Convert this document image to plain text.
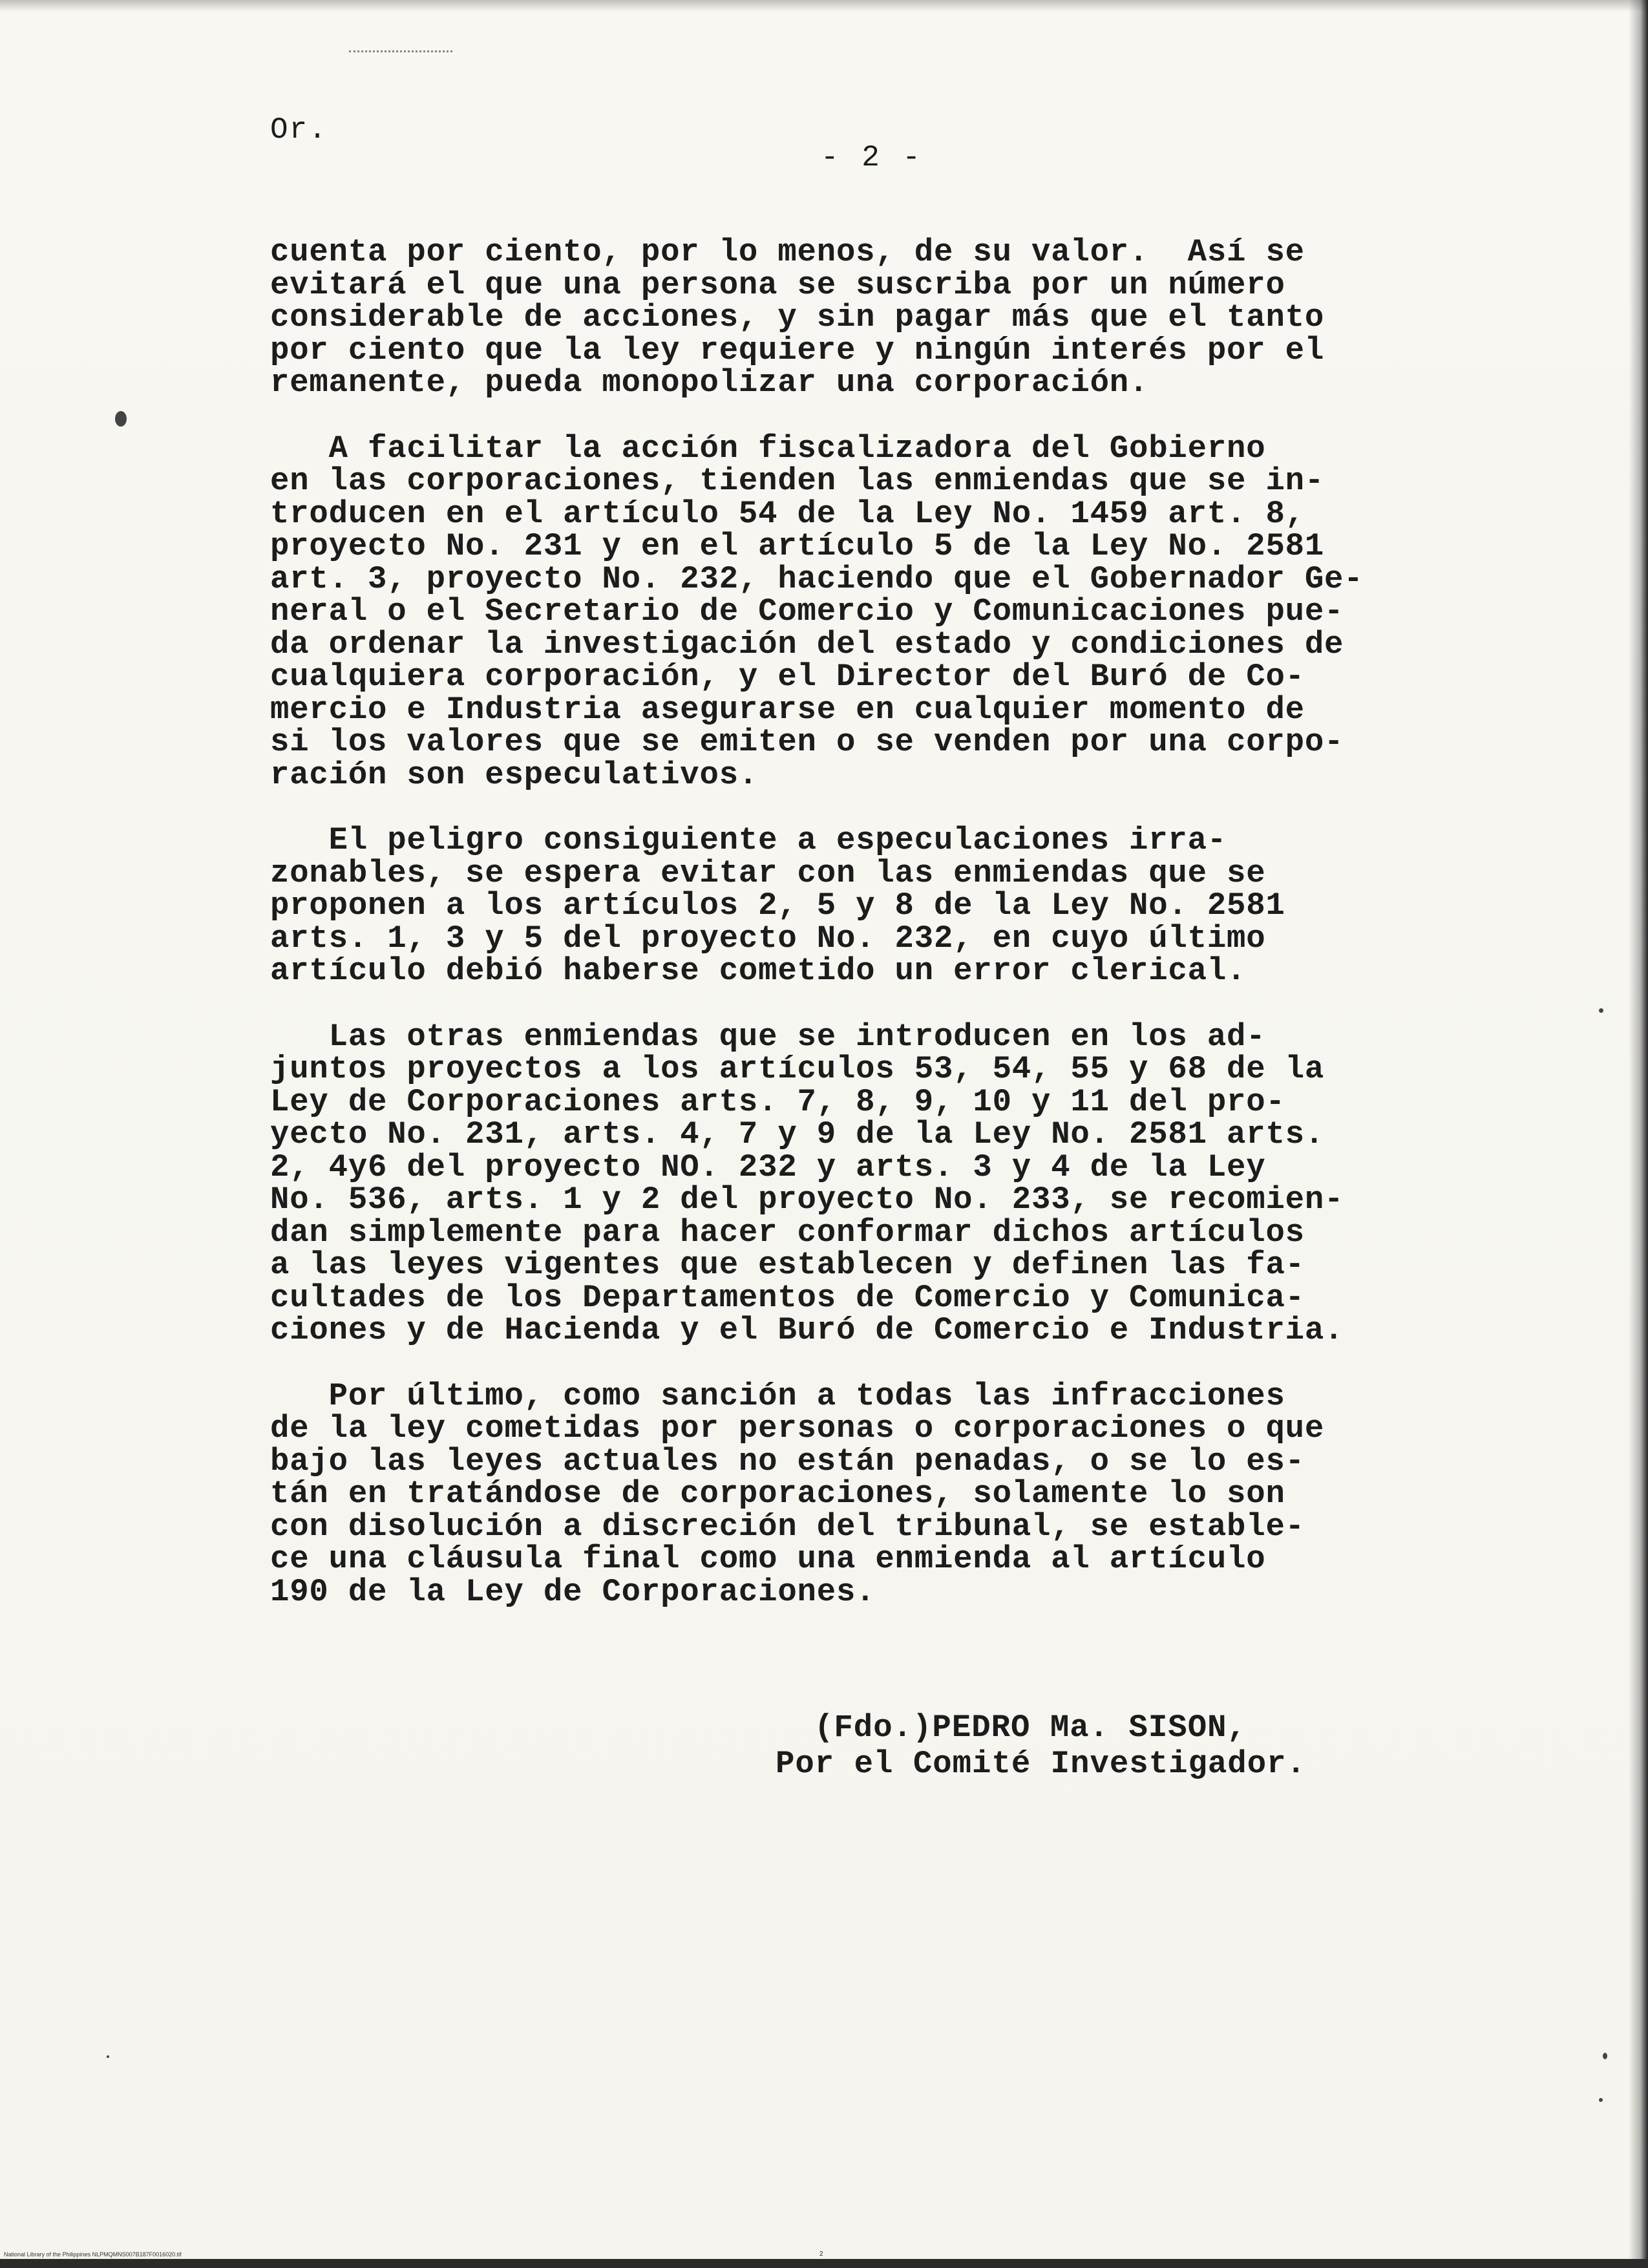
Or.
- 2 -
cuenta por ciento, por lo menos, de su valor.  Así se
evitará el que una persona se suscriba por un número
considerable de acciones, y sin pagar más que el tanto
por ciento que la ley requiere y ningún interés por el
remanente, pueda monopolizar una corporación.
A facilitar la acción fiscalizadora del Gobierno
en las corporaciones, tienden las enmiendas que se in-
troducen en el artículo 54 de la Ley No. 1459 art. 8,
proyecto No. 231 y en el artículo 5 de la Ley No. 2581
art. 3, proyecto No. 232, haciendo que el Gobernador Ge-
neral o el Secretario de Comercio y Comunicaciones pue-
da ordenar la investigación del estado y condiciones de
cualquiera corporación, y el Director del Buró de Co-
mercio e Industria asegurarse en cualquier momento de
si los valores que se emiten o se venden por una corpo-
ración son especulativos.
El peligro consiguiente a especulaciones irra-
zonables, se espera evitar con las enmiendas que se
proponen a los artículos 2, 5 y 8 de la Ley No. 2581
arts. 1, 3 y 5 del proyecto No. 232, en cuyo último
artículo debió haberse cometido un error clerical.
Las otras enmiendas que se introducen en los ad-
juntos proyectos a los artículos 53, 54, 55 y 68 de la
Ley de Corporaciones arts. 7, 8, 9, 10 y 11 del pro-
yecto No. 231, arts. 4, 7 y 9 de la Ley No. 2581 arts.
2, 4y6 del proyecto NO. 232 y arts. 3 y 4 de la Ley
No. 536, arts. 1 y 2 del proyecto No. 233, se recomien-
dan simplemente para hacer conformar dichos artículos
a las leyes vigentes que establecen y definen las fa-
cultades de los Departamentos de Comercio y Comunica-
ciones y de Hacienda y el Buró de Comercio e Industria.
Por último, como sanción a todas las infracciones
de la ley cometidas por personas o corporaciones o que
bajo las leyes actuales no están penadas, o se lo es-
tán en tratándose de corporaciones, solamente lo son
con disolución a discreción del tribunal, se estable-
ce una cláusula final como una enmienda al artículo
190 de la Ley de Corporaciones.
(Fdo.)PEDRO Ma. SISON,
Por el Comité Investigador.
National Library of the Philippines NLPMQMNS007B187F0016020.tif	2
